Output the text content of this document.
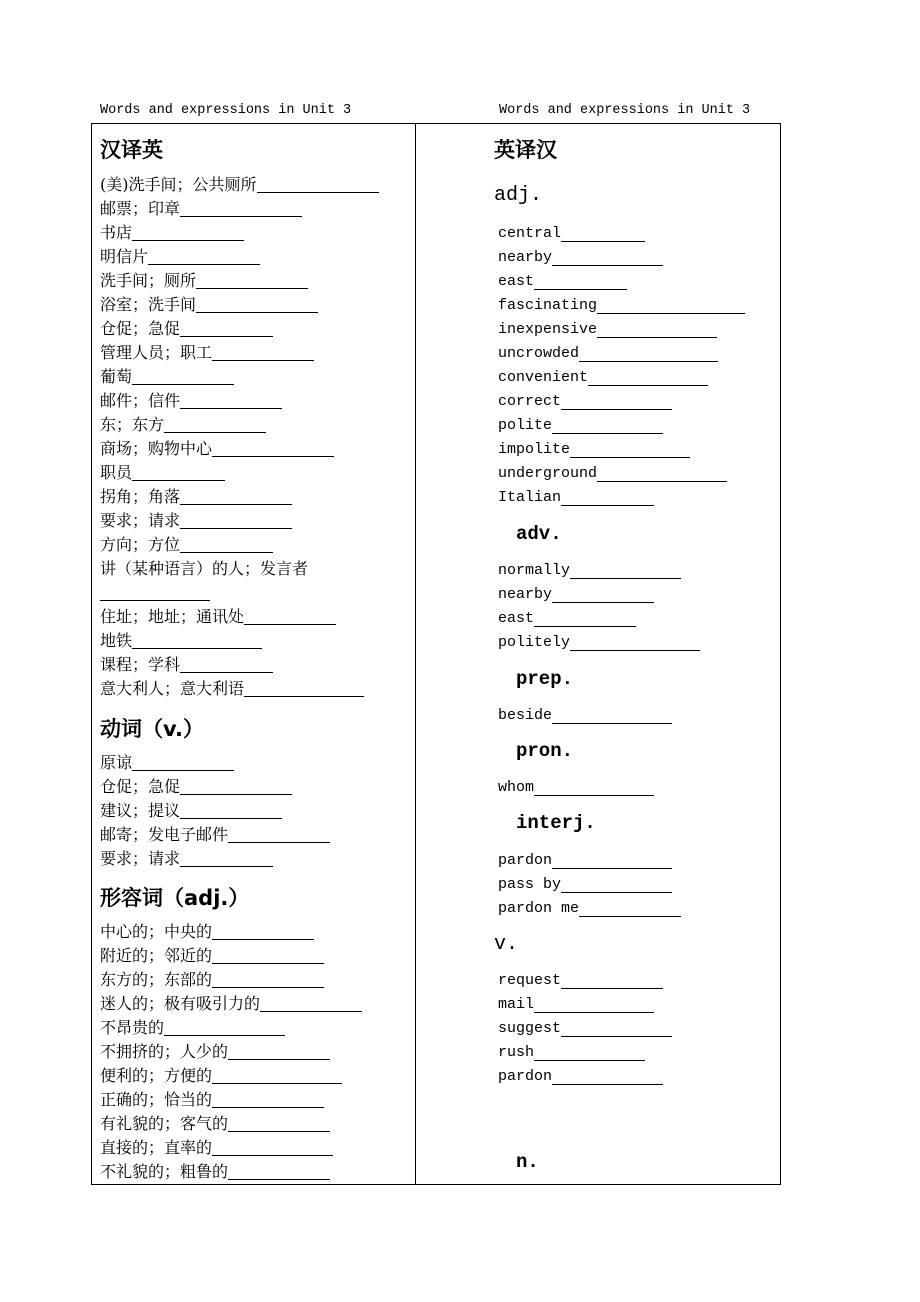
Words and expressions in Unit 3	Words and expressions in Unit 3
汉译英
(美)洗手间；公共厕所
邮票；印章
书店
明信片
洗手间；厕所
浴室；洗手间
仓促；急促
管理人员；职工
葡萄
邮件；信件
东；东方
商场；购物中心
职员
拐角；角落
要求；请求
方向；方位
讲（某种语言）的人；发言者
住址；地址；通讯处
地铁
课程；学科
意大利人；意大利语
动词（v.）
原谅
仓促；急促
建议；提议
邮寄；发电子邮件
要求；请求
形容词（adj.）
中心的；中央的
附近的；邻近的
东方的；东部的
迷人的；极有吸引力的
不昂贵的
不拥挤的；人少的
便利的；方便的
正确的；恰当的
有礼貌的；客气的
直接的；直率的
不礼貌的；粗鲁的
英译汉
adj.
central
nearby
east
fascinating
inexpensive
uncrowded
convenient
correct
polite
impolite
underground
Italian
adv.
normally
nearby
east
politely
prep.
beside
pron.
whom
interj.
pardon
pass by
pardon me
v.
request
mail
suggest
rush
pardon
n.
